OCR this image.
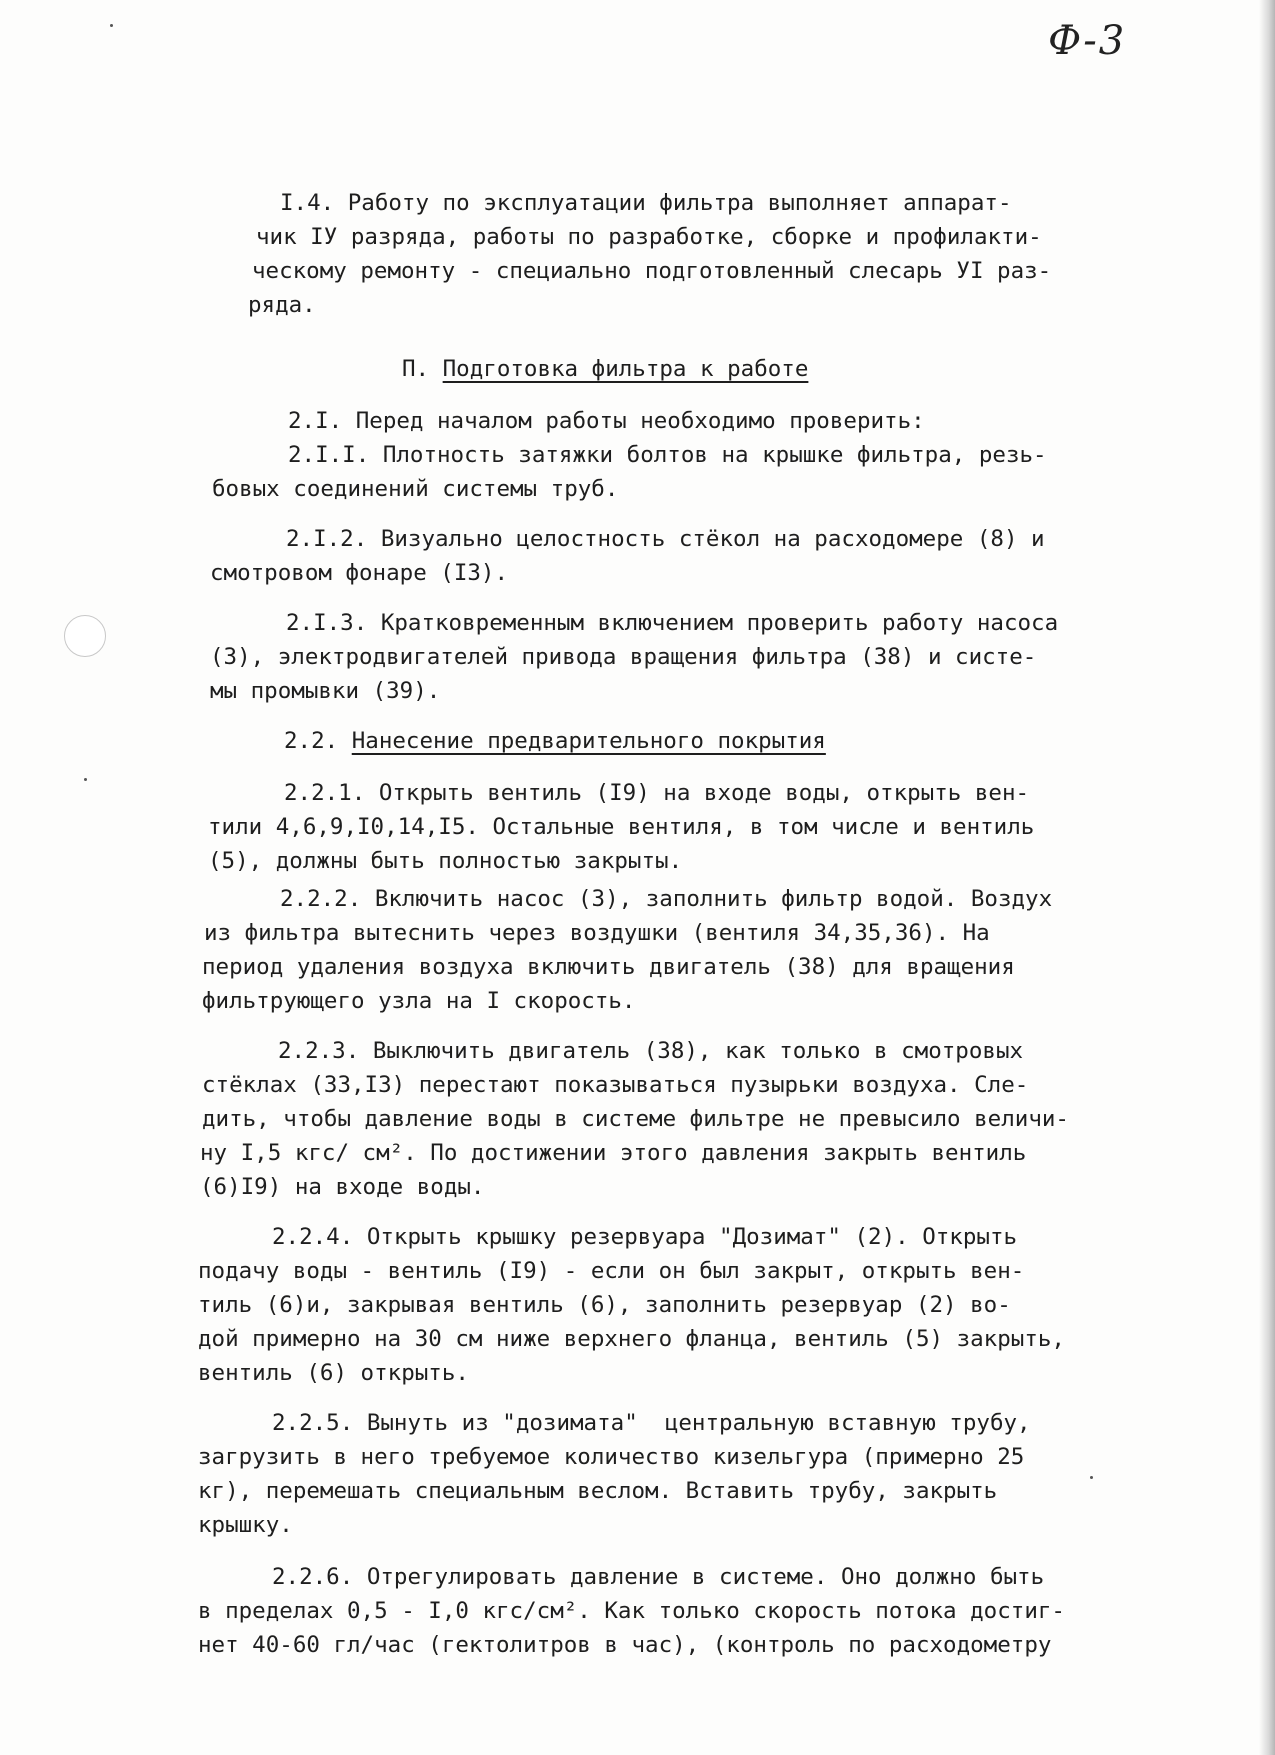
Ф-3

I.4. Работу по эксплуатации фильтра выполняет аппарат-

чик IУ разряда, работы по разработке, сборке и профилакти-

ческому ремонту - специально подготовленный слесарь УI раз-

ряда.

П. Подготовка фильтра к работе

2.I. Перед началом работы необходимо проверить:

2.I.I. Плотность затяжки болтов на крышке фильтра, резь-

бовых соединений системы труб.

2.I.2. Визуально целостность стёкол на расходомере (8) и

смотровом фонаре (I3).

2.I.3. Кратковременным включением проверить работу насоса

(3), электродвигателей привода вращения фильтра (38) и систе-

мы промывки (39).

2.2. Нанесение предварительного покрытия

2.2.1. Открыть вентиль (I9) на входе воды, открыть вен-

тили 4,6,9,I0,14,I5. Остальные вентиля, в том числе и вентиль

(5), должны быть полностью закрыты.

2.2.2. Включить насос (3), заполнить фильтр водой. Воздух

из фильтра вытеснить через воздушки (вентиля 34,35,36). На

период удаления воздуха включить двигатель (38) для вращения

фильтрующего узла на I скорость.

2.2.3. Выключить двигатель (38), как только в смотровых

стёклах (33,I3) перестают показываться пузырьки воздуха. Сле-

дить, чтобы давление воды в системе фильтре не превысило величи-

ну I,5 кгс/ см². По достижении этого давления закрыть вентиль

(6)I9) на входе воды.

2.2.4. Открыть крышку резервуара "Дозимат" (2). Открыть

подачу воды - вентиль (I9) - если он был закрыт, открыть вен-

тиль (6)и, закрывая вентиль (6), заполнить резервуар (2) во-

дой примерно на 30 см ниже верхнего фланца, вентиль (5) закрыть,

вентиль (6) открыть.

2.2.5. Вынуть из "дозимата"  центральную вставную трубу,

загрузить в него требуемое количество кизельгура (примерно 25

кг), перемешать специальным веслом. Вставить трубу, закрыть

крышку.

2.2.6. Отрегулировать давление в системе. Оно должно быть

в пределах 0,5 - I,0 кгс/см². Как только скорость потока достиг-

нет 40-60 гл/час (гектолитров в час), (контроль по расходометру
